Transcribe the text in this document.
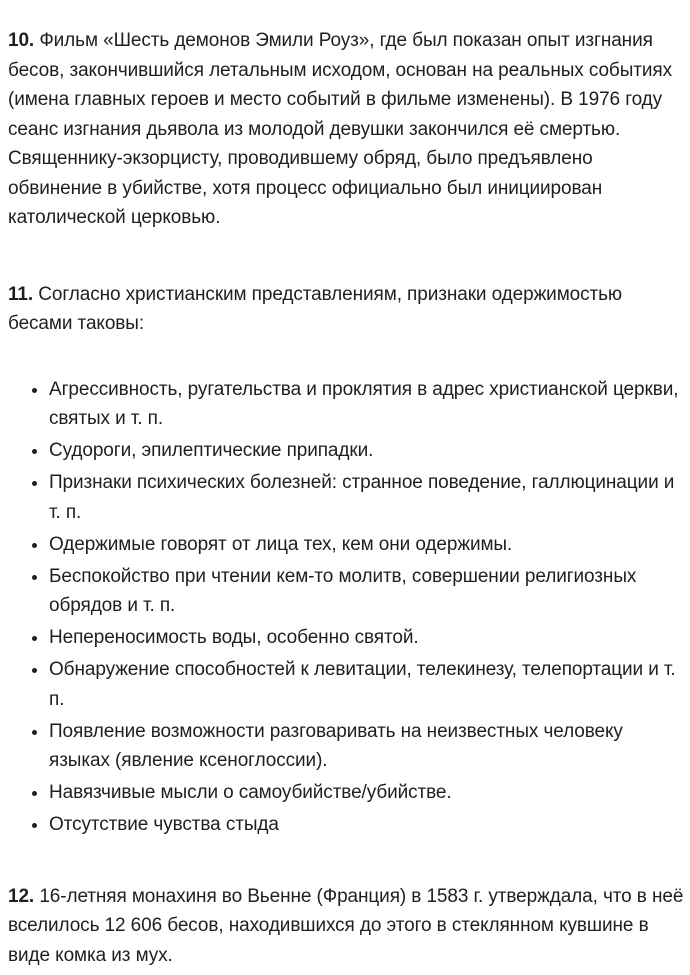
10. Фильм «Шесть демонов Эмили Роуз», где был показан опыт изгнания бесов, закончившийся летальным исходом, основан на реальных событиях (имена главных героев и место событий в фильме изменены). В 1976 году сеанс изгнания дьявола из молодой девушки закончился её смертью. Священнику-экзорцисту, проводившему обряд, было предъявлено обвинение в убийстве, хотя процесс официально был инициирован католической церковью.

11. Согласно христианским представлениям, признаки одержимостью бесами таковы:

• Агрессивность, ругательства и проклятия в адрес христианской церкви, святых и т. п.
• Судороги, эпилептические припадки.
• Признаки психических болезней: странное поведение, галлюцинации и т. п.
• Одержимые говорят от лица тех, кем они одержимы.
• Беспокойство при чтении кем-то молитв, совершении религиозных обрядов и т. п.
• Непереносимость воды, особенно святой.
• Обнаружение способностей к левитации, телекинезу, телепортации и т. п.
• Появление возможности разговаривать на неизвестных человеку языках (явление ксеноглоссии).
• Навязчивые мысли о самоубийстве/убийстве.
• Отсутствие чувства стыда

12. 16-летняя монахиня во Вьенне (Франция) в 1583 г. утверждала, что в неё вселилось 12 606 бесов, находившихся до этого в стеклянном кувшине в виде комка из мух.
